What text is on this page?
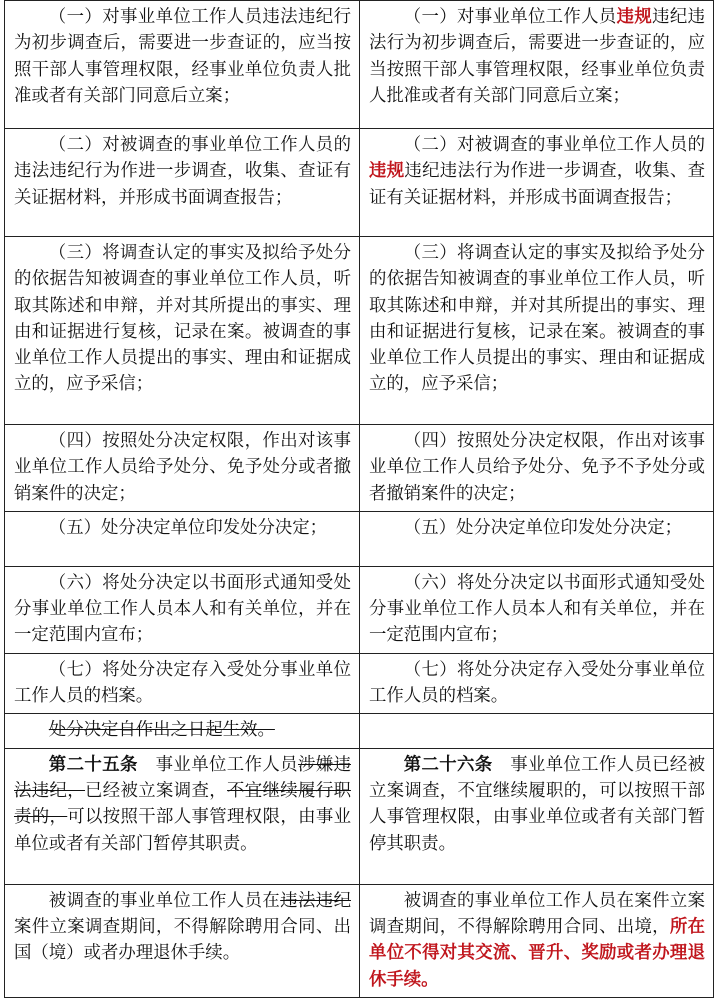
（一）对事业单位工作人员违法违纪行为初步调查后，需要进一步查证的，应当按照干部人事管理权限，经事业单位负责人批准或者有关部门同意后立案；	（一）对事业单位工作人员违规违纪违法行为初步调查后，需要进一步查证的，应当按照干部人事管理权限，经事业单位负责人批准或者有关部门同意后立案；
（二）对被调查的事业单位工作人员的违法违纪行为作进一步调查，收集、查证有关证据材料，并形成书面调查报告；	（二）对被调查的事业单位工作人员的违规违纪违法行为作进一步调查，收集、查证有关证据材料，并形成书面调查报告；
（三）将调查认定的事实及拟给予处分的依据告知被调查的事业单位工作人员，听取其陈述和申辩，并对其所提出的事实、理由和证据进行复核，记录在案。被调查的事业单位工作人员提出的事实、理由和证据成立的，应予采信；	（三）将调查认定的事实及拟给予处分的依据告知被调查的事业单位工作人员，听取其陈述和申辩，并对其所提出的事实、理由和证据进行复核，记录在案。被调查的事业单位工作人员提出的事实、理由和证据成立的，应予采信；
（四）按照处分决定权限，作出对该事业单位工作人员给予处分、免予处分或者撤销案件的决定；	（四）按照处分决定权限，作出对该事业单位工作人员给予处分、免予不予处分或者撤销案件的决定；
（五）处分决定单位印发处分决定；	（五）处分决定单位印发处分决定；
（六）将处分决定以书面形式通知受处分事业单位工作人员本人和有关单位，并在一定范围内宣布；	（六）将处分决定以书面形式通知受处分事业单位工作人员本人和有关单位，并在一定范围内宣布；
（七）将处分决定存入受处分事业单位工作人员的档案。	（七）将处分决定存入受处分事业单位工作人员的档案。
处分决定自作出之日起生效。	
第二十五条　事业单位工作人员涉嫌违法违纪，已经被立案调查，不宜继续履行职责的，可以按照干部人事管理权限，由事业单位或者有关部门暂停其职责。	第二十六条　事业单位工作人员已经被立案调查，不宜继续履职的，可以按照干部人事管理权限，由事业单位或者有关部门暂停其职责。
被调查的事业单位工作人员在违法违纪案件立案调查期间，不得解除聘用合同、出国（境）或者办理退休手续。	被调查的事业单位工作人员在案件立案调查期间，不得解除聘用合同、出境，所在单位不得对其交流、晋升、奖励或者办理退休手续。
